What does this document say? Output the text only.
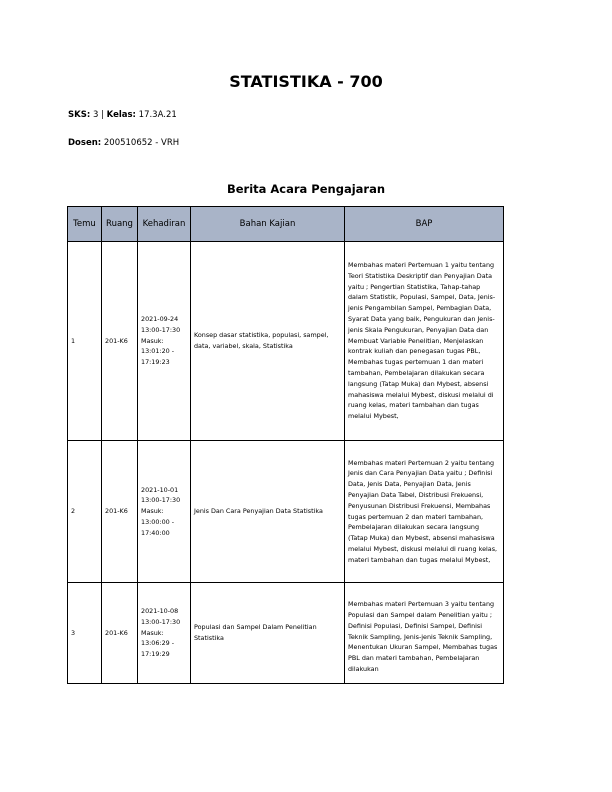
STATISTIKA - 700
SKS: 3 | Kelas: 17.3A.21
Dosen: 200510652 - VRH
Berita Acara Pengajaran
Temu	Ruang	Kehadiran	Bahan Kajian	BAP
1	201-K6	2021-09-24 13:00-17:30 Masuk: 13:01:20 - 17:19:23	Konsep dasar statistika, populasi, sampel, data, variabel, skala, Statistika	Membahas materi Pertemuan 1 yaitu tentang Teori Statistika Deskriptif dan Penyajian Data yaitu ; Pengertian Statistika, Tahap-tahap dalam Statistik, Populasi, Sampel, Data, Jenis-jenis Pengambilan Sampel, Pembagian Data, Syarat Data yang baik, Pengukuran dan Jenis-jenis Skala Pengukuran, Penyajian Data dan Membuat Variable Penelitian, Menjelaskan kontrak kuliah dan penegasan tugas PBL, Membahas tugas pertemuan 1 dan materi tambahan, Pembelajaran dilakukan secara langsung (Tatap Muka) dan Mybest, absensi mahasiswa melalui Mybest, diskusi melalui di ruang kelas, materi tambahan dan tugas melalui Mybest,
2	201-K6	2021-10-01 13:00-17:30 Masuk: 13:00:00 - 17:40:00	Jenis Dan Cara Penyajian Data Statistika	Membahas materi Pertemuan 2 yaitu tentang Jenis dan Cara Penyajian Data yaitu ; Definisi Data, Jenis Data, Penyajian Data, Jenis Penyajian Data Tabel, Distribusi Frekuensi, Penyusunan Distribusi Frekuensi, Membahas tugas pertemuan 2 dan materi tambahan, Pembelajaran dilakukan secara langsung (Tatap Muka) dan Mybest, absensi mahasiswa melalui Mybest, diskusi melalui di ruang kelas, materi tambahan dan tugas melalui Mybest,
3	201-K6	2021-10-08 13:00-17:30 Masuk: 13:06:29 - 17:19:29	Populasi dan Sampel Dalam Penelitian Statistika	Membahas materi Pertemuan 3 yaitu tentang Populasi dan Sampel dalam Penelitian yaitu ; Definisi Populasi, Definisi Sampel, Definisi Teknik Sampling, Jenis-jenis Teknik Sampling, Menentukan Ukuran Sampel, Membahas tugas PBL dan materi tambahan, Pembelajaran dilakukan
